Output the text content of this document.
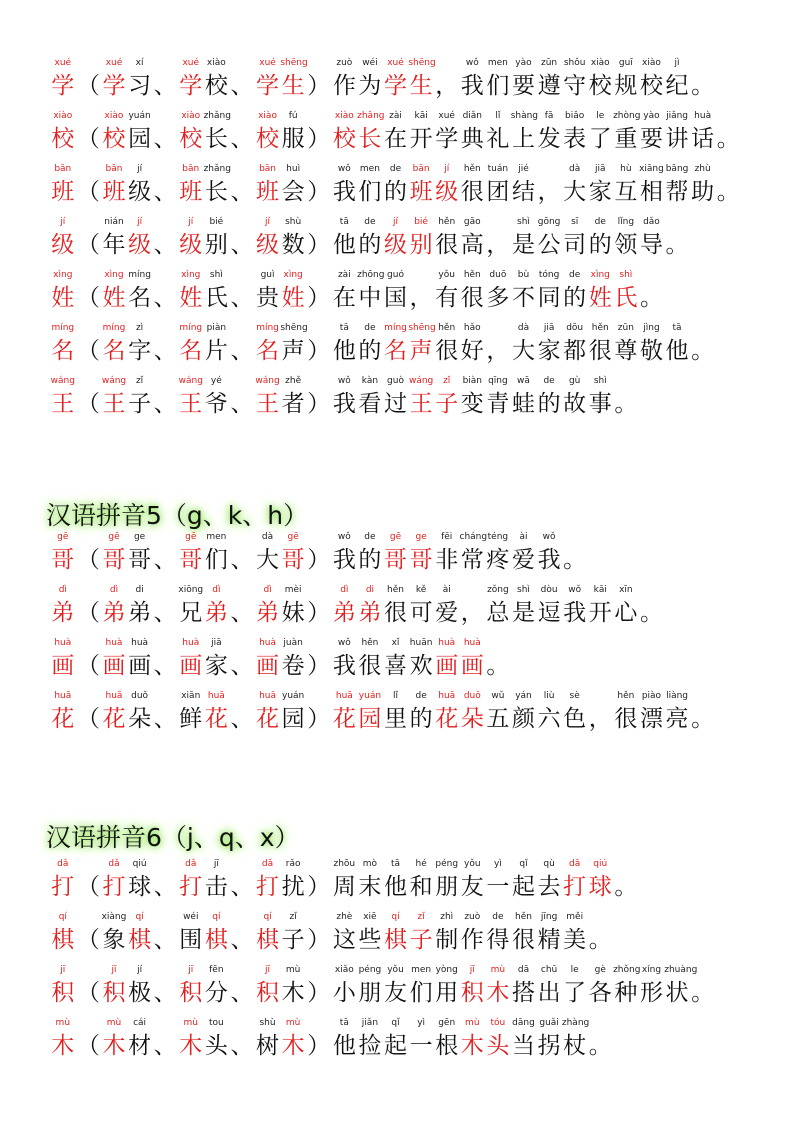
xué
学 （
xué
学
xí
习 、
xué
学
xiào
校 、
xué
学
shēng
生 ）
zuò
作
wéi
为
xué
学
shēng
生 ，
wǒ
我
men
们
yào
要
zūn
遵
shǒu
守
xiào
校
guī
规
xiào
校
jì
纪 。
xiào
校 （
xiào
校
yuán
园 、
xiào
校
zhǎng
长 、
xiào
校
fú
服 ）
xiào
校
zhǎng
长
zài
在
kāi
开
xué
学
diǎn
典
lǐ
礼
shàng
上
fā
发
biǎo
表
le
了
zhòng
重
yào
要
jiǎng
讲
huà
话 。
bān
班 （
bān
班
jí
级 、
bān
班
zhǎng
长 、
bān
班
huì
会 ）
wǒ
我
men
们
de
的
bān
班
jí
级
hěn
很
tuán
团
jié
结 ，
dà
大
jiā
家
hù
互
xiāng
相
bāng
帮
zhù
助 。
jí
级 （
nián
年
jí
级 、
jí
级
bié
别 、
jí
级
shù
数 ）
tā
他
de
的
jí
级
bié
别
hěn
很
gāo
高 ，
shì
是
gōng
公
sī
司
de
的
lǐng
领
dǎo
导 。
xìng
姓 （
xìng
姓
míng
名 、
xìng
姓
shì
氏 、
guì
贵
xìng
姓 ）
zài
在
zhōng
中
guó
国 ，
yǒu
有
hěn
很
duō
多
bù
不
tóng
同
de
的
xìng
姓
shì
氏 。
míng
名 （
míng
名
zì
字 、
míng
名
piàn
片 、
míng
名
shēng
声 ）
tā
他
de
的
míng
名
shēng
声
hěn
很
hǎo
好 ，
dà
大
jiā
家
dōu
都
hěn
很
zūn
尊
jìng
敬
tā
他 。
wáng
王 （
wáng
王
zǐ
子 、
wáng
王
yé
爷 、
wáng
王
zhě
者 ）
wǒ
我
kàn
看
guò
过
wáng
王
zǐ
子
biàn
变
qīng
青
wā
蛙
de
的
gù
故
shì
事 。
汉语拼音5（g、k、h）
gē
哥 （
gē
哥
ge
哥 、
gē
哥
men
们 、
dà
大
gē
哥 ）
wǒ
我
de
的
gē
哥
ge
哥
fēi
非
cháng
常
téng
疼
ài
爱
wǒ
我 。
dì
弟 （
dì
弟
di
弟 、
xiōng
兄
dì
弟 、
dì
弟
mèi
妹 ）
dì
弟
di
弟
hěn
很
kě
可
ài
爱 ，
zǒng
总
shì
是
dòu
逗
wǒ
我
kāi
开
xīn
心 。
huà
画 （
huà
画
huà
画 、
huà
画
jiā
家 、
huà
画
juàn
卷 ）
wǒ
我
hěn
很
xǐ
喜
huān
欢
huà
画
huà
画 。
huā
花 （
huā
花
duǒ
朵 、
xiān
鲜
huā
花 、
huā
花
yuán
园 ）
huā
花
yuán
园
lǐ
里
de
的
huā
花
duǒ
朵
wǔ
五
yán
颜
liù
六
sè
色 ，
hěn
很
piào
漂
liàng
亮 。
汉语拼音6（j、q、x）
dǎ
打 （
dǎ
打
qiú
球 、
dǎ
打
jī
击 、
dǎ
打
rǎo
扰 ）
zhōu
周
mò
末
tā
他
hé
和
péng
朋
yǒu
友
yì
一
qǐ
起
qù
去
dǎ
打
qiú
球 。
qí
棋 （
xiàng
象
qí
棋 、
wéi
围
qí
棋 、
qí
棋
zǐ
子 ）
zhè
这
xiē
些
qí
棋
zǐ
子
zhì
制
zuò
作
de
得
hěn
很
jīng
精
měi
美 。
jī
积 （
jī
积
jí
极 、
jī
积
fēn
分 、
jī
积
mù
木 ）
xiǎo
小
péng
朋
yǒu
友
men
们
yòng
用
jī
积
mù
木
dā
搭
chū
出
le
了
gè
各
zhǒng
种
xíng
形
zhuàng
状 。
mù
木 （
mù
木
cái
材 、
mù
木
tou
头 、
shù
树
mù
木 ）
tā
他
jiǎn
捡
qǐ
起
yì
一
gēn
根
mù
木
tóu
头
dāng
当
guǎi
拐
zhàng
杖 。
